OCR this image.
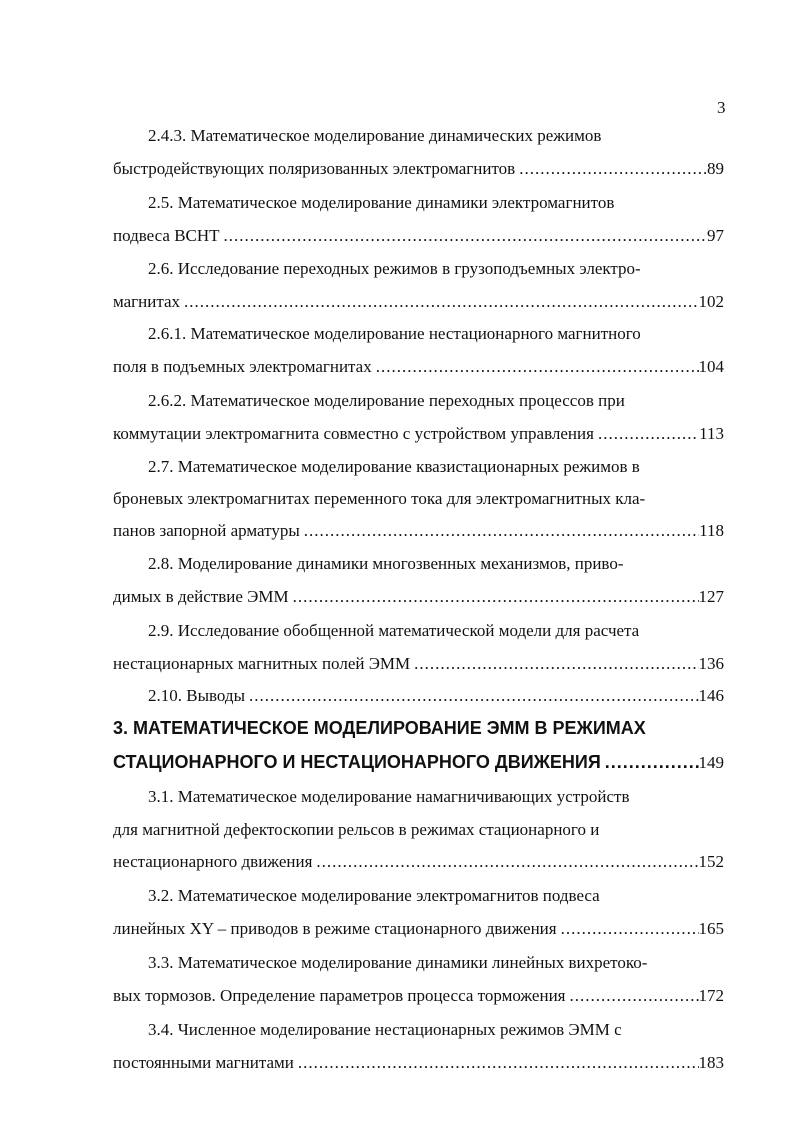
3
2.4.3. Математическое моделирование динамических режимов
быстродействующих поляризованных электромагнитов .....	89
2.5. Математическое моделирование динамики электромагнитов
подвеса ВСНТ .....	97
2.6. Исследование переходных режимов в грузоподъемных электро-
магнитах .....	102
2.6.1. Математическое моделирование нестационарного магнитного
поля в подъемных электромагнитах .....	104
2.6.2. Математическое моделирование переходных процессов при
коммутации электромагнита совместно с устройством управления .....	113
2.7. Математическое моделирование квазистационарных режимов в
броневых электромагнитах переменного тока для электромагнитных кла-
панов запорной арматуры .....	118
2.8. Моделирование динамики многозвенных механизмов, приво-
димых в действие ЭММ .....	127
2.9. Исследование обобщенной математической модели для расчета
нестационарных магнитных полей ЭММ .....	136
2.10. Выводы .....	146
3. МАТЕМАТИЧЕСКОЕ МОДЕЛИРОВАНИЕ ЭММ В РЕЖИМАХ
СТАЦИОНАРНОГО И НЕСТАЦИОНАРНОГО ДВИЖЕНИЯ .....	149
3.1. Математическое моделирование намагничивающих устройств
для магнитной дефектоскопии рельсов в режимах стационарного и
нестационарного движения .....	152
3.2. Математическое моделирование электромагнитов подвеса
линейных XY – приводов в режиме стационарного движения .....	165
3.3. Математическое моделирование динамики линейных вихретоко-
вых тормозов. Определение параметров процесса торможения .....	172
3.4. Численное моделирование нестационарных режимов ЭММ с
постоянными магнитами .....	183
